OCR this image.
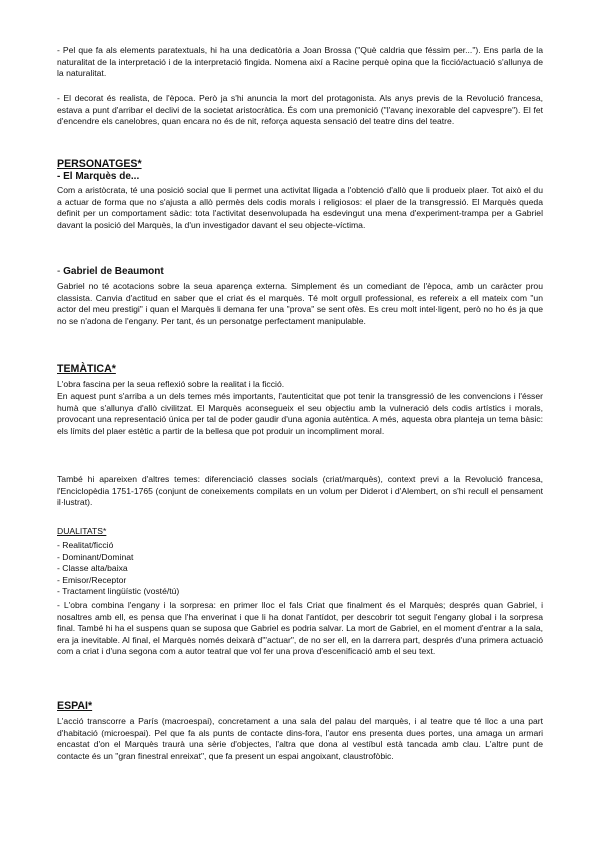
- Pel que fa als elements paratextuals, hi ha una dedicatòria a Joan Brossa ("Què caldria que féssim per..."). Ens parla de la naturalitat de la interpretació i de la interpretació fingida. Nomena així a Racine perquè opina que la ficció/actuació s'allunya de la naturalitat.

- El decorat és realista, de l'època. Però ja s'hi anuncia la mort del protagonista. Als anys previs de la Revolució francesa, estava a punt d'arribar el declivi de la societat aristocràtica. És com una premonició ("l'avanç inexorable del capvespre"). El fet d'encendre els canelobres, quan encara no és de nit, reforça aquesta sensació del teatre dins del teatre.

PERSONATGES*
- El Marquès de...

Com a aristòcrata, té una posició social que li permet una activitat lligada a l'obtenció d'allò que li produeix plaer. Tot això el du a actuar de forma que no s'ajusta a allò permès dels codis morals i religiosos: el plaer de la transgressió. El Marquès queda definit per un comportament sàdic: tota l'activitat desenvolupada ha esdevingut una mena d'experiment-trampa per a Gabriel davant la posició del Marquès, la d'un investigador davant el seu objecte-víctima.

- Gabriel de Beaumont

Gabriel no té acotacions sobre la seua aparença externa. Simplement és un comediant de l'època, amb un caràcter prou classista. Canvia d'actitud en saber que el criat és el marquès. Té molt orgull professional, es refereix a ell mateix com "un actor del meu prestigi" i quan el Marquès li demana fer una "prova" se sent ofès. Es creu molt intel·ligent, però no ho és ja que no se n'adona de l'engany. Per tant, és un personatge perfectament manipulable.

TEMÀTICA*

L'obra fascina per la seua reflexió sobre la realitat i la ficció.

En aquest punt s'arriba a un dels temes més importants, l'autenticitat que pot tenir la transgressió de les convencions i l'ésser humà que s'allunya d'allò civilitzat. El Marquès aconsegueix el seu objectiu amb la vulneració dels codis artístics i morals, provocant una representació única per tal de poder gaudir d'una agonia autèntica. A més, aquesta obra planteja un tema bàsic: els límits del plaer estètic a partir de la bellesa que pot produir un incompliment moral.

També hi apareixen d'altres temes: diferenciació classes socials (criat/marquès), context previ a la Revolució francesa, l'Enciclopèdia 1751-1765 (conjunt de coneixements compilats en un volum per Diderot i d'Alembert, on s'hi recull el pensament il·lustrat).

DUALITATS*
- Realitat/ficció
- Dominant/Dominat
- Classe alta/baixa
- Emisor/Receptor
- Tractament lingüístic (vosté/tú)

- L'obra combina l'engany i la sorpresa: en primer lloc el fals Criat que finalment és el Marquès; després quan Gabriel, i nosaltres amb ell, es pensa que l'ha enverinat i que li ha donat l'antídot, per descobrir tot seguit l'engany global i la sorpresa final. També hi ha el suspens quan se suposa que Gabriel es podria salvar. La mort de Gabriel, en el moment d'entrar a la sala, era ja inevitable. Al final, el Marquès només deixarà d'"actuar", de no ser ell, en la darrera part, després d'una primera actuació com a criat i d'una segona com a autor teatral que vol fer una prova d'escenificació amb el seu text.

ESPAI*

L'acció transcorre a París (macroespai), concretament a una sala del palau del marquès, i al teatre que té lloc a una part d'habitació (microespai). Pel que fa als punts de contacte dins-fora, l'autor ens presenta dues portes, una amaga un armari encastat d'on el Marquès traurà una sèrie d'objectes, l'altra que dona al vestíbul està tancada amb clau. L'altre punt de contacte és un "gran finestral enreixat", que fa present un espai angoixant, claustrofòbic.
